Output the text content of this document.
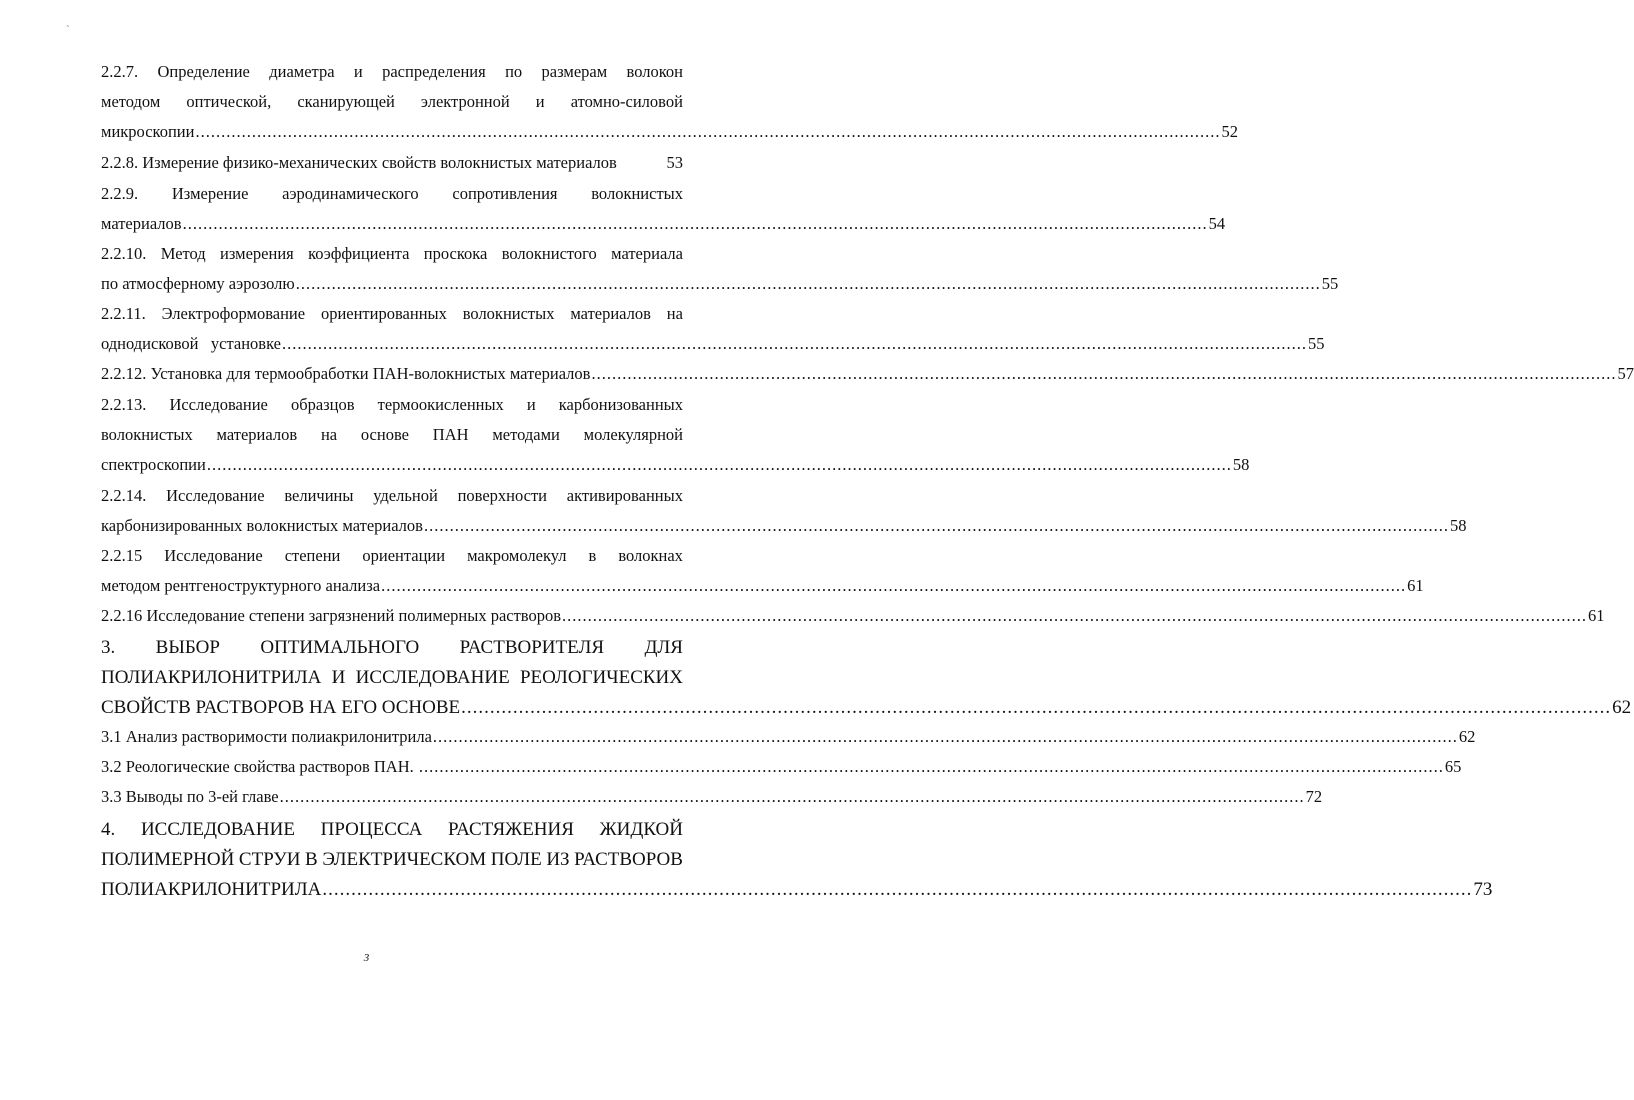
`
2.2.7. Определение диаметра и распределения по размерам волокон
методом оптической, сканирующей электронной и атомно-силовой
микроскопии ........................................................................................................................................................................................................ 52
2.2.8. Измерение физико-механических свойств волокнистых материалов	53
2.2.9. Измерение аэродинамического сопротивления волокнистых
материалов ........................................................................................................................................................................................................ 54
2.2.10. Метод измерения коэффициента проскока волокнистого материала
по атмосферному аэрозолю ........................................................................................................................................................................................................ 55
2.2.11. Электроформование ориентированных волокнистых материалов на
однодисковой   установке ........................................................................................................................................................................................................ 55
2.2.12. Установка для термообработки ПАН-волокнистых материалов ........................................................................................................................................................................................................ 57
2.2.13. Исследование образцов термоокисленных и карбонизованных
волокнистых материалов на основе ПАН методами молекулярной
спектроскопии ........................................................................................................................................................................................................ 58
2.2.14. Исследование величины удельной поверхности активированных
карбонизированных волокнистых материалов ........................................................................................................................................................................................................ 58
2.2.15 Исследование степени ориентации макромолекул в волокнах
методом рентгеноструктурного анализа ........................................................................................................................................................................................................ 61
2.2.16 Исследование степени загрязнений полимерных растворов ........................................................................................................................................................................................................ 61
3. ВЫБОР ОПТИМАЛЬНОГО РАСТВОРИТЕЛЯ ДЛЯ
ПОЛИАКРИЛОНИТРИЛА И ИССЛЕДОВАНИЕ РЕОЛОГИЧЕСКИХ
СВОЙСТВ РАСТВОРОВ НА ЕГО ОСНОВЕ ........................................................................................................................................................................................................ 62
3.1 Анализ растворимости полиакрилонитрила ........................................................................................................................................................................................................ 62
3.2 Реологические свойства растворов ПАН. ........................................................................................................................................................................................................ 65
3.3 Выводы по 3-ей главе ........................................................................................................................................................................................................ 72
4. ИССЛЕДОВАНИЕ ПРОЦЕССА РАСТЯЖЕНИЯ ЖИДКОЙ
ПОЛИМЕРНОЙ СТРУИ В ЭЛЕКТРИЧЕСКОМ ПОЛЕ ИЗ РАСТВОРОВ
ПОЛИАКРИЛОНИТРИЛА ........................................................................................................................................................................................................ 73
3
